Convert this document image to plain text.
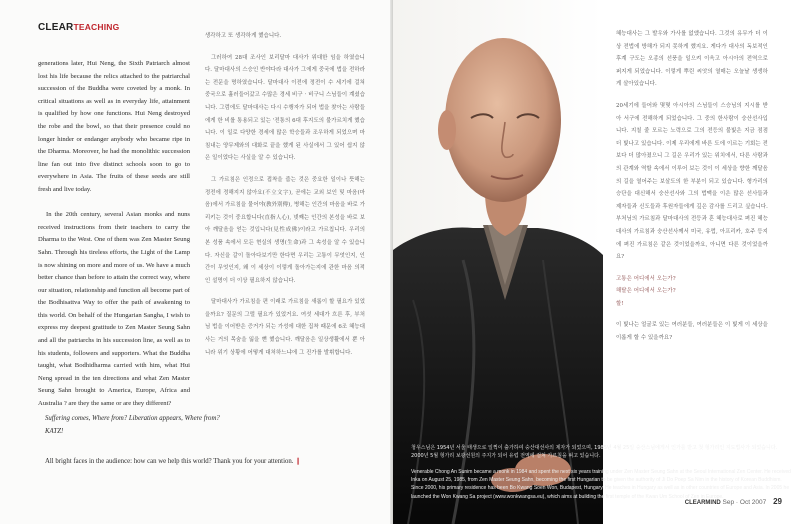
CLEARTEACHING

generations later, Hui Neng, the Sixth Patriarch almost lost his life because the relics attached to the patriarchal succession of the Buddha were coveted by a monk. In critical situations as well as in everyday life, attainment is qualified by how one functions. Hui Neng destroyed the robe and the bowl, so that their presence could no longer hinder or endanger anybody who became ripe in the Dharma. Moreover, he had the monolithic succession line fan out into five distinct schools soon to go to everywhere in Asia. The fruits of these seeds are still fresh and live today.

In the 20th century, several Asian monks and nuns received instructions from their teachers to carry the Dharma to the West. One of them was Zen Master Seung Sahn. Through his tireless efforts, the Light of the Lamp is now shining on more and more of us. We have a much better chance than before to attain the correct way, where our situation, relationship and function all become part of the Bodhisattva Way to offer the path of awakening to this world. On behalf of the Hungarian Sangha, I wish to express my deepest gratitude to Zen Master Seung Sahn and all the patriarchs in his succession line, as well as to his students, followers and supporters. What the Buddha taught, what Bodhidharma carried with him, what Hui Neng spread in the ten directions and what Zen Master Seung Sahn brought to America, Europe, Africa and Australia ? are they the same or are they different?

생각하고 또 생각하게 했습니다.

그러하여 28대 조사인 보리달마 대사가 위대한 임을 하였습니다. 달마대사의 스승인 반야다라 대사가 그에게 중국에 법을 전하라는 전문을 명하였습니다. 달마대사 이전에 정전이 수 세기에 걸쳐 중국으로 흘러들어갔고 수많은 경세 비구 · 비구니 스님들이 계셨습니다. 그럼에도 달마대사는 다시 수행자가 되어 법을 찾아는 사람들에게 한 비를 통용되고 있는 '전통의 6대 후지도의 불가르치게 했습니다. 이 일로 다양한 경세에 많은 학승들과 조우하게 되었으며 마침내는 양무제와의 대화로 끝을 했게 된 사실에서 그 있어 쉽지 않은 일이었다는 사실을 알 수 있습니다.

그 가르침은 인정으로 접착을 줍는 것은 중요한 일이나 뜻해는 정전에 정해지지 않아요(不立文字), 곧에는 교외 보인 및 마음(마음)에서 가르침을 물어야(敎外別傳), 병해는 인간의 마음을 바로 가리키는 것이 중요합니다(直指人心), 넷째는 인간의 본성을 바로 보아 깨달음을 얻는 것입니다(見性成佛)이라고 가르칩니다. 우리의 본 성품 속에서 모든 현실의 생명(生命)과 그 속성을 알 수 있습니다. 자신을 갈이 돌아다보기만 한다면 우리는 고통이 무엇인지, 인간이 무엇인지, 왜 이 세상이 이렇게 돌아가는지에 관한 마음 의적인 설명이 더 이상 필요하지 않습니다.

달마대사가 가르침을 편 이래로 가르침을 새롭이 할 필요가 있었을까요? 질문의 그럴 필요가 있었거요. 여섯 세대가 흐른 후, 부처님 법을 이어받은 증거가 되는 가성에 대한 집착 때문에 6조 혜능대사는 거의 목숨을 잃을 뻔 했습니다. 깨달음은 일상생활에서 뿐 아니라 위기 상황에 어떻게 대처하느냐에 그 진가를 발휘합니다.

Suffering comes, Where from? Liberation appears, Where from?
KATZ!
All bright faces in the audience: how can we help this world? Thank you for your attention. ❙

혜능대사는 그 발우와 가사를 없앴습니다. 그것의 유무가 더 이상 전법에 방해가 되지 못하게 했지요. 게다가 대사의 독보적인 후계 구도는 오종의 선풍을 일으켜 이윽고 아시아의 전역으로 퍼지게 되었습니다. 이렇게 뿌린 씨앗의 열매는 오늘날 생생하게 살아있습니다.

20세기에 들어와 몇몇 아시아의 스님들이 스승님의 지시를 받아 서구에 전해하게 되었습니다. 그 중의 한사람이 숭산선사입니다. 지칠 줄 모르는 노력으로 그의 전등의 불빛은 지금 점점 더 빛나고 있습니다. 이제 우리에게 바른 도에 이르는 기회는 전보다 더 많아졌으니 그 길은 우리가 있는 위치에서, 다른 사람과의 관계와 역할 속에서 이루어 보는 것이 이 세상을 향한 깨달음의 길을 열어주는 보살도의 한 부분이 되고 있습니다. 형가리의 승단을 대신해서 숭산선사와 그의 법맥을 이은 많은 선사들과 제자들과 신도들과 후원자들에게 깊은 감사를 드리고 싶습니다. 부처님의 가르침과 달마대사의 전등과 혼 혜능대사로 펴진 혜능대사의 가르침과 숭산선사께서 미국, 유럽, 아프리카, 호주 등지에 펴진 가르침은 같은 것이었을까요, 아니면 다른 것이었을까요?

고통은 어디에서 오는가?
해탈은 어디에서 오는가?
할!

이 빛나는 얼굴로 있는 여러분들, 여러분들은 이 빛게 이 세상을 이롭게 할 수 있을까요?

청우스님은 1954년 서울 태생으로 일찍이 출가하여 숭산대선사의 제자가 되었으며, 1985년 4월 25일 숭산스님에게서 인가를 받고 첫 헝가리인 지도법사가 되었습니다. 2000년 5월 헝가리 보광선원의 주지가 되어 유럽 전역에 걸쳐 가르침을 펴고 있습니다.
Venerable Chong An Sunim became a monk in 1984 and spent the next six years training under Zen Master Seung Sahn at the Seoul International Zen Center. He received Inka on August 25, 1985, from Zen Master Seung Sahn, becoming the first Hungarian to be given the authority of Ji Do Poep Sa Nim in the history of Korean Buddhism. Since 2000, his primary residence has been Bo Kwang Soen Won, Budapest, Hungary. He teaches in Hungary as well as in other countries of Europe and Asia. In 2005 he launched the Won Kwang Sa project (www.wonkwangsa.eu), which aims at building the first temple of the Kwan Um School of Zen in Europe.
CLEARMIND Sep · Oct 2007 29
